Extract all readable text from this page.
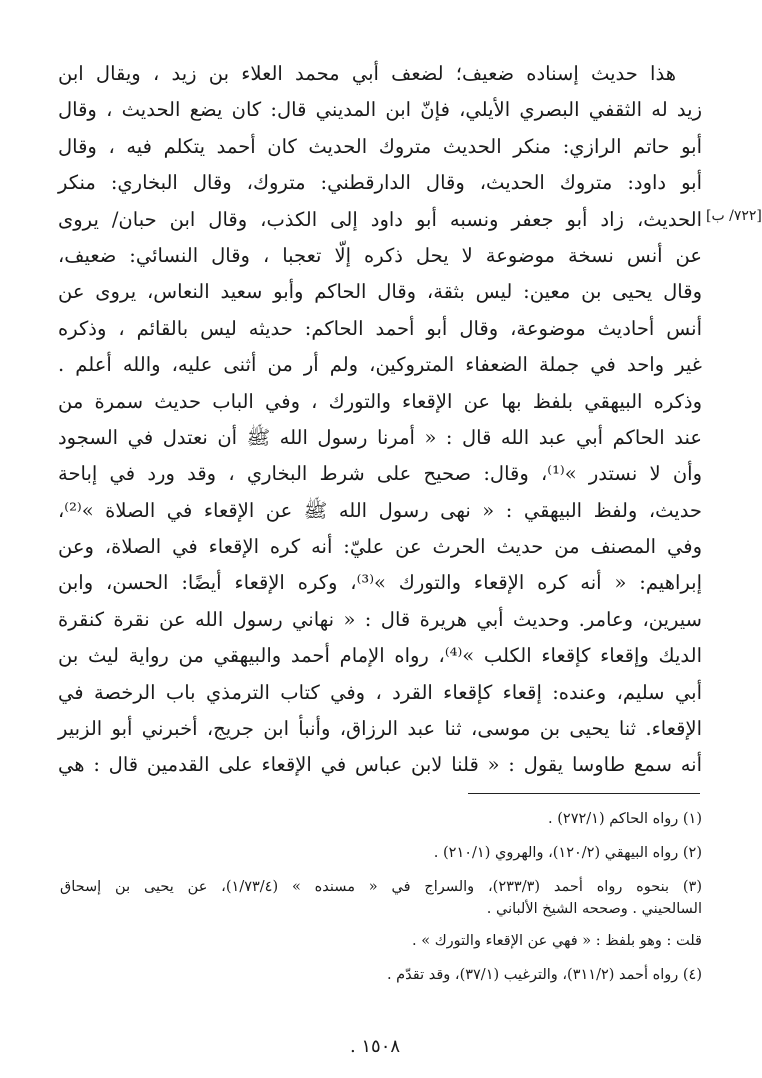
هذا حديث إسناده ضعيف؛ لضعف أبي محمد العلاء بن زيد ، ويقال ابن
زيد له الثقفي البصري الأيلي، فإنّ ابن المديني قال: كان يضع الحديث ، وقال
أبو حاتم الرازي: منكر الحديث متروك الحديث كان أحمد يتكلم فيه ، وقال
أبو داود: متروك الحديث، وقال الدارقطني: متروك، وقال البخاري: منكر
الحديث، زاد أبو جعفر ونسبه أبو داود إلى الكذب، وقال ابن حبان/ يروى
عن أنس نسخة موضوعة لا يحل ذكره إلّا تعجبا ، وقال النسائي: ضعيف،
وقال يحيى بن معين: ليس بثقة، وقال الحاكم وأبو سعيد النعاس، يروى عن
أنس أحاديث موضوعة، وقال أبو أحمد الحاكم: حديثه ليس بالقائم ، وذكره
غير واحد في جملة الضعفاء المتروكين، ولم أر من أثنى عليه، والله أعلم .
وذكره البيهقي بلفظ بها عن الإقعاء والتورك ، وفي الباب حديث سمرة من
عند الحاكم أبي عبد الله قال : « أمرنا رسول الله ﷺ أن نعتدل في السجود
وأن لا نستدر »⁽¹⁾، وقال: صحيح على شرط البخاري ، وقد ورد في إباحة
حديث، ولفظ البيهقي : « نهى رسول الله ﷺ عن الإقعاء في الصلاة »⁽²⁾،
وفي المصنف من حديث الحرث عن عليّ: أنه كره الإقعاء في الصلاة، وعن
إبراهيم: « أنه كره الإقعاء والتورك »⁽³⁾، وكره الإقعاء أيضًا: الحسن، وابن
سيرين، وعامر. وحديث أبي هريرة قال : « نهاني رسول الله عن نقرة كنقرة
الديك وإقعاء كإقعاء الكلب »⁽⁴⁾، رواه الإمام أحمد والبيهقي من رواية ليث بن
أبي سليم، وعنده: إقعاء كإقعاء القرد ، وفي كتاب الترمذي باب الرخصة في
الإقعاء. ثنا يحيى بن موسى، ثنا عبد الرزاق، وأنبأ ابن جريج، أخبرني أبو الزبير
أنه سمع طاوسا يقول : « قلنا لابن عباس في الإقعاء على القدمين قال : هي
[٧٢٢/ ب]
(١) رواه الحاكم (٢٧٢/١) .
(٢) رواه البيهقي (١٢٠/٢)، والهروي (٢١٠/١) .
(٣) بنحوه رواه أحمد (٢٣٣/٣)، والسراج في « مسنده » (١/٧٣/٤)، عن يحيى بن إسحاق
السالحيني . وصححه الشيخ الألباني .
قلت : وهو بلفظ : « فهي عن الإقعاء والتورك » .
(٤) رواه أحمد (٣١١/٢)، والترغيب (٣٧/١)، وقد تقدّم .
١٥٠٨ .
